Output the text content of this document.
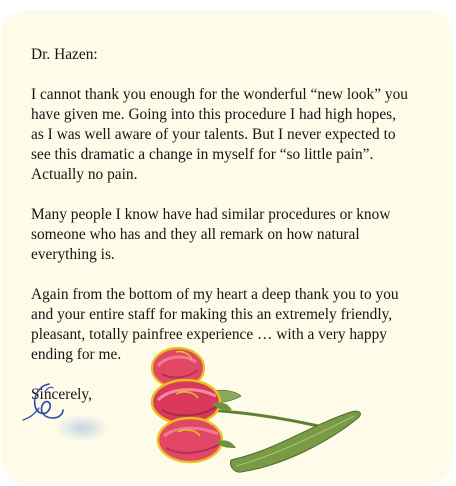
Dr. Hazen:

I cannot thank you enough for the wonderful “new look” you

have given me. Going into this procedure I had high hopes,

as I was well aware of your talents. But I never expected to

see this dramatic a change in myself for “so little pain”.

Actually no pain.

Many people I know have had similar procedures or know

someone who has and they all remark on how natural

everything is.

Again from the bottom of my heart a deep thank you to you

and your entire staff for making this an extremely friendly,

pleasant, totally painfree experience … with a very happy

ending for me.

Sincerely,
